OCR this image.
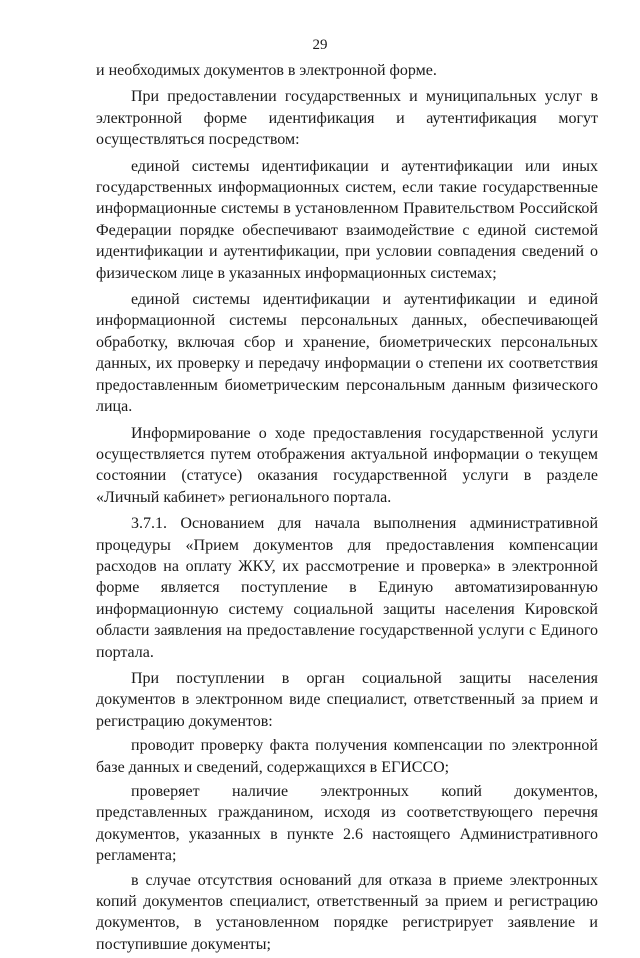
29

и необходимых документов в электронной форме.

При предоставлении государственных и муниципальных услуг в электронной форме идентификация и аутентификация могут осуществляться посредством:

единой системы идентификации и аутентификации или иных государственных информационных систем, если такие государственные информационные системы в установленном Правительством Российской Федерации порядке обеспечивают взаимодействие с единой системой идентификации и аутентификации, при условии совпадения сведений о физическом лице в указанных информационных системах;

единой системы идентификации и аутентификации и единой информационной системы персональных данных, обеспечивающей обработку, включая сбор и хранение, биометрических персональных данных, их проверку и передачу информации о степени их соответствия предоставленным биометрическим персональным данным физического лица.

Информирование о ходе предоставления государственной услуги осуществляется путем отображения актуальной информации о текущем состоянии (статусе) оказания государственной услуги в разделе «Личный кабинет» регионального портала.

3.7.1. Основанием для начала выполнения административной процедуры «Прием документов для предоставления компенсации расходов на оплату ЖКУ, их рассмотрение и проверка» в электронной форме является поступление в Единую автоматизированную информационную систему социальной защиты населения Кировской области заявления на предоставление государственной услуги с Единого портала.

При поступлении в орган социальной защиты населения документов в электронном виде специалист, ответственный за прием и регистрацию документов:

проводит проверку факта получения компенсации по электронной базе данных и сведений, содержащихся в ЕГИССО;

проверяет наличие электронных копий документов, представленных гражданином, исходя из соответствующего перечня документов, указанных в пункте 2.6 настоящего Административного регламента;

в случае отсутствия оснований для отказа в приеме электронных копий документов специалист, ответственный за прием и регистрацию документов, в установленном порядке регистрирует заявление и поступившие документы;
